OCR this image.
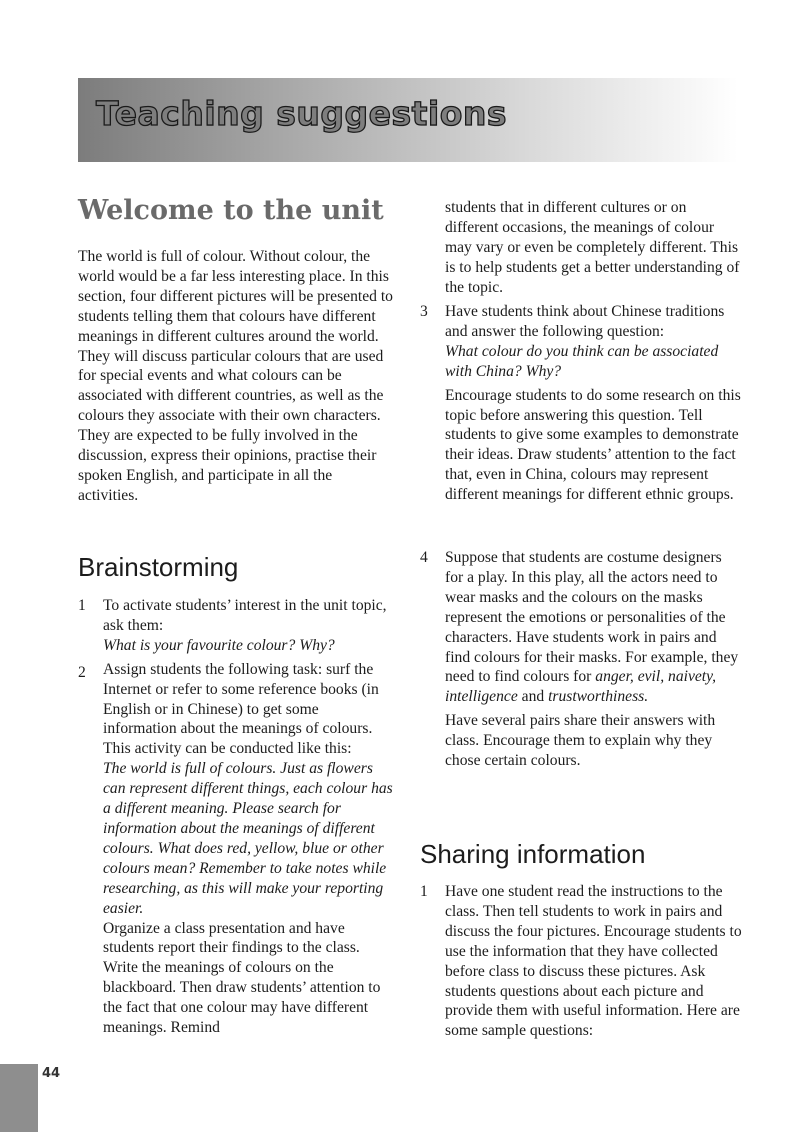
Teaching suggestions
Welcome to the unit

The world is full of colour. Without colour, the world would be a far less interesting place. In this section, four different pictures will be presented to students telling them that colours have different meanings in different cultures around the world. They will discuss particular colours that are used for special events and what colours can be associated with different countries, as well as the colours they associate with their own characters. They are expected to be fully involved in the discussion, express their opinions, practise their spoken English, and participate in all the activities.

Brainstorming
1 To activate students’ interest in the unit topic, ask them:

What is your favourite colour? Why?

2 Assign students the following task: surf the Internet or refer to some reference books (in English or in Chinese) to get some information about the meanings of colours. This activity can be conducted like this:

The world is full of colours. Just as flowers can represent different things, each colour has a different meaning. Please search for information about the meanings of different colours. What does red, yellow, blue or other colours mean? Remember to take notes while researching, as this will make your reporting easier.

Organize a class presentation and have students report their findings to the class. Write the meanings of colours on the blackboard. Then draw students’ attention to the fact that one colour may have different meanings. Remind

students that in different cultures or on different occasions, the meanings of colour may vary or even be completely different. This is to help students get a better understanding of the topic.

3 Have students think about Chinese traditions and answer the following question:

What colour do you think can be associated with China? Why?

Encourage students to do some research on this topic before answering this question. Tell students to give some examples to demonstrate their ideas. Draw students’ attention to the fact that, even in China, colours may represent different meanings for different ethnic groups.

4 Suppose that students are costume designers for a play. In this play, all the actors need to wear masks and the colours on the masks represent the emotions or personalities of the characters. Have students work in pairs and find colours for their masks. For example, they need to find colours for anger, evil, naivety, intelligence and trustworthiness.

Have several pairs share their answers with class. Encourage them to explain why they chose certain colours.

Sharing information
1 Have one student read the instructions to the class. Then tell students to work in pairs and discuss the four pictures. Encourage students to use the information that they have collected before class to discuss these pictures. Ask students questions about each picture and provide them with useful information. Here are some sample questions:

44
